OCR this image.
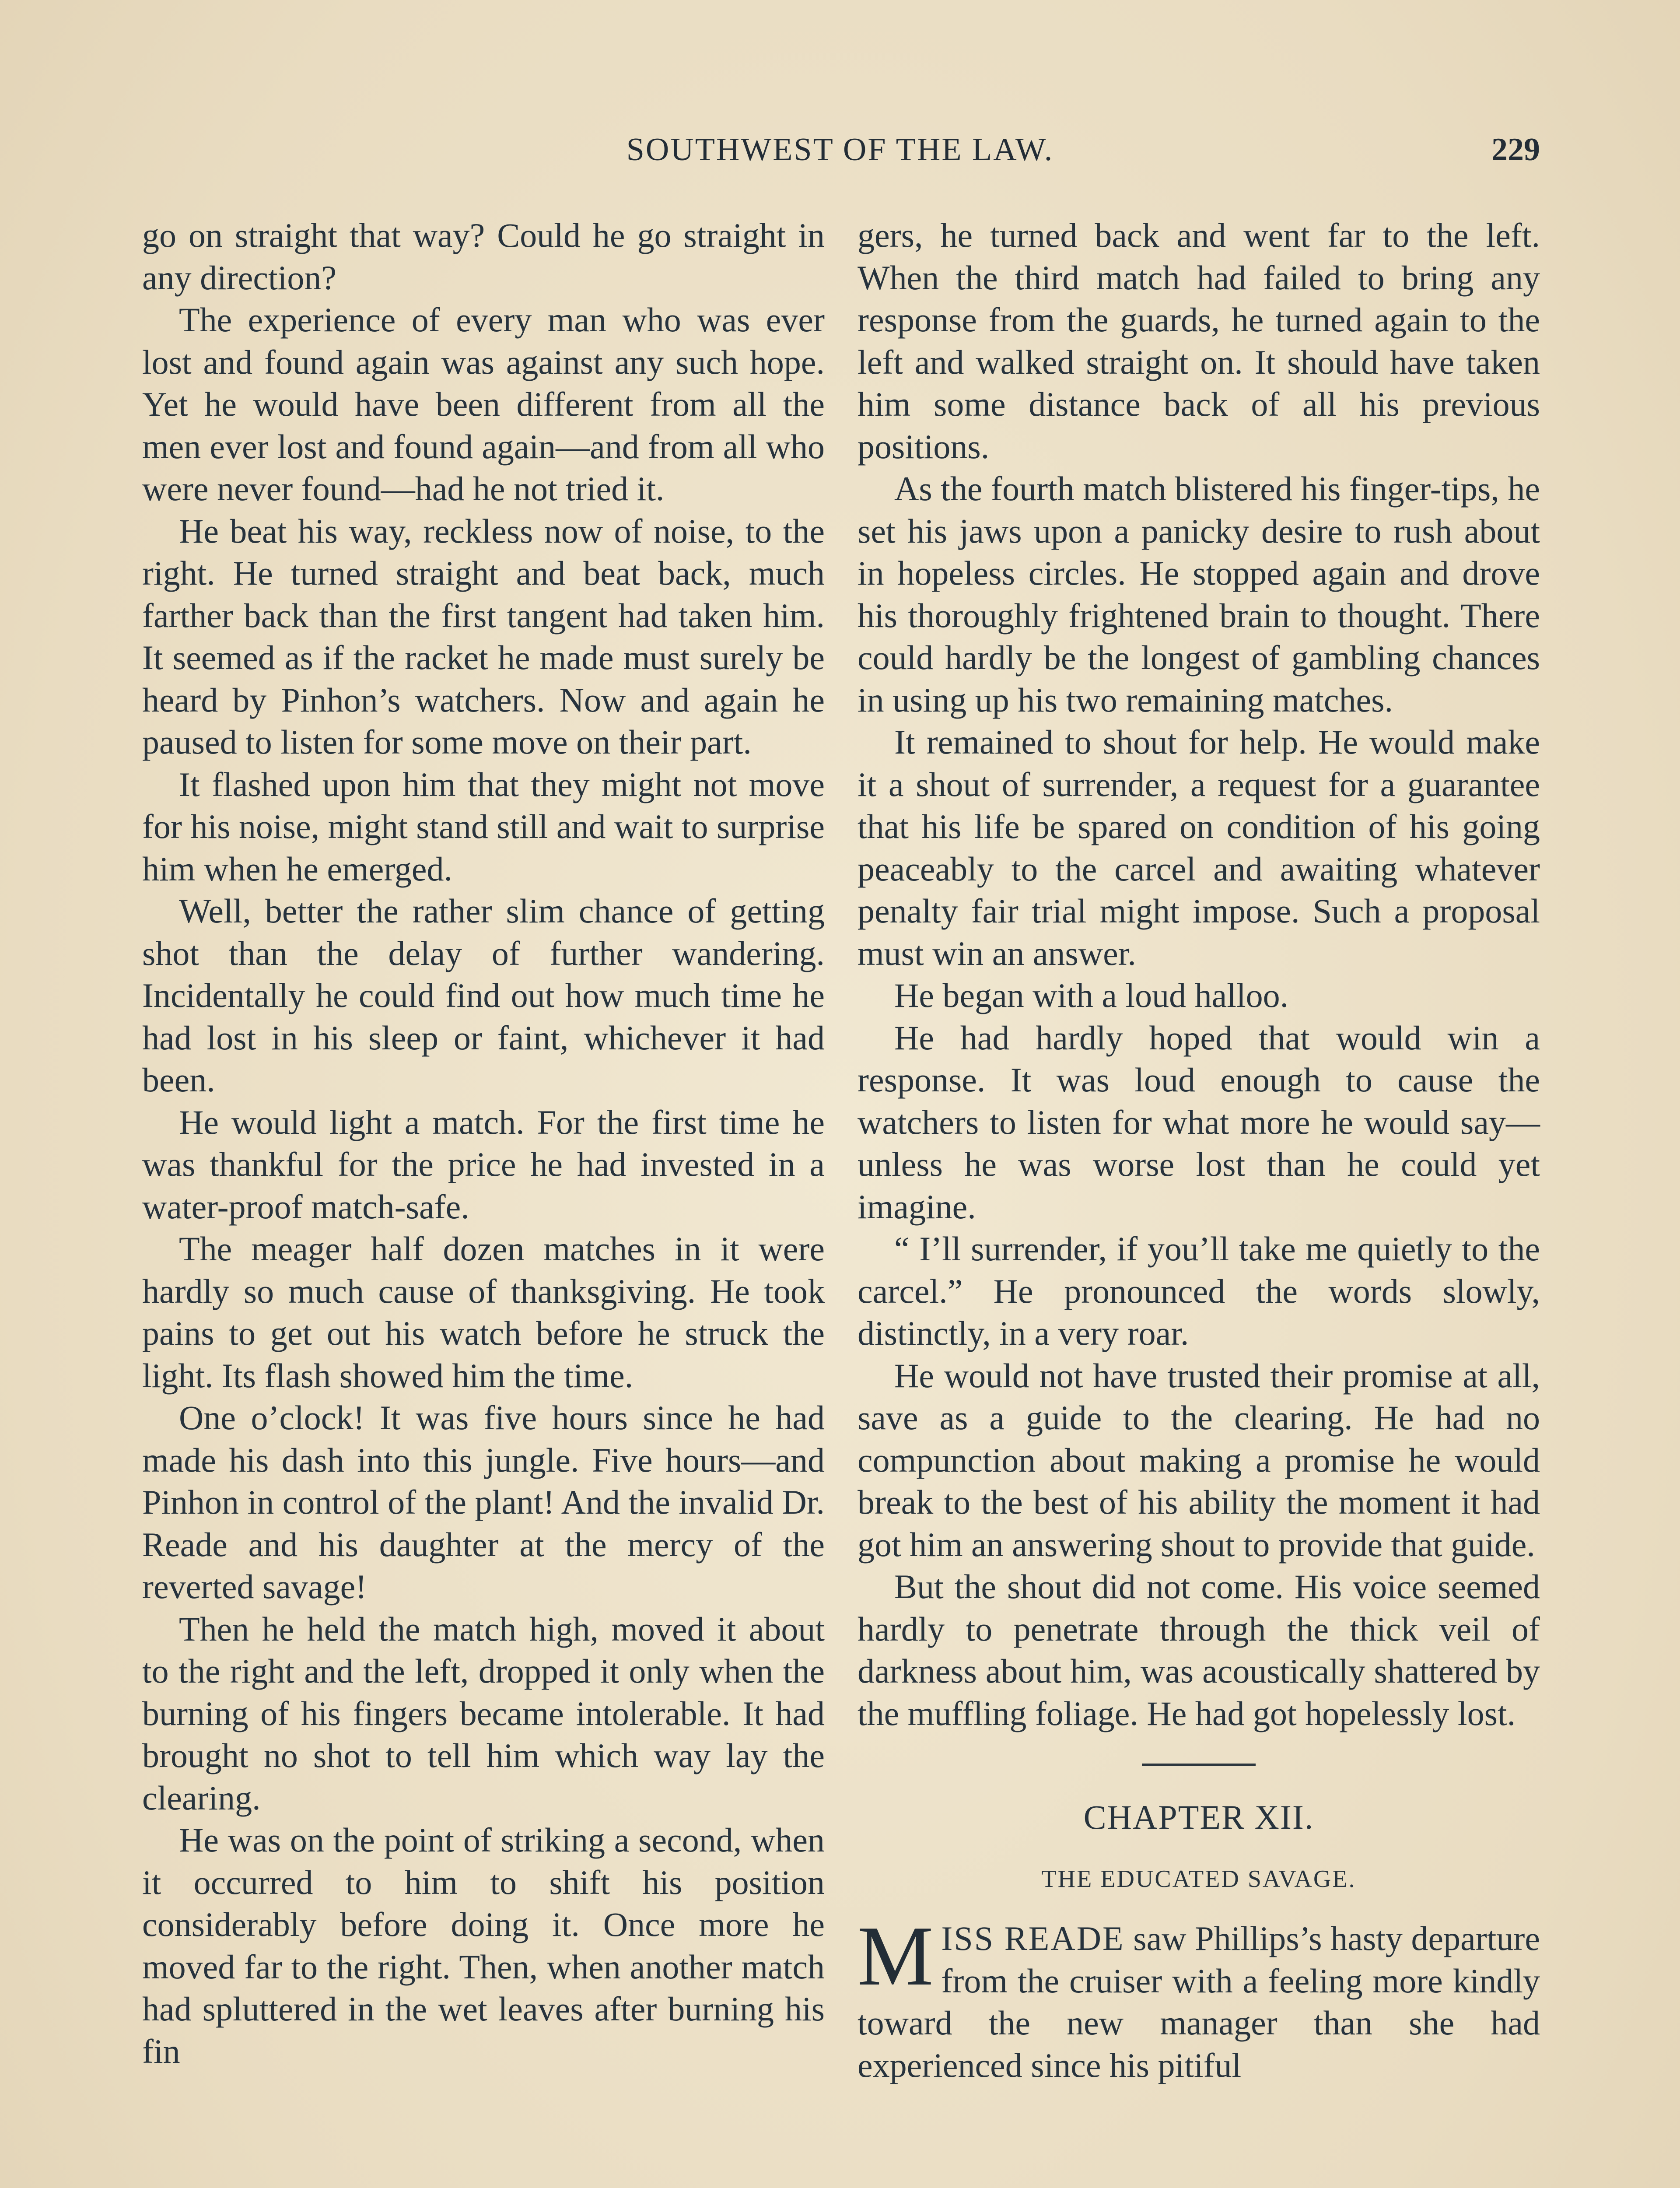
SOUTHWEST OF THE LAW.	229

go on straight that way? Could he go straight in any direction?

The experience of every man who was ever lost and found again was against any such hope. Yet he would have been different from all the men ever lost and found again—and from all who were never found—had he not tried it.

He beat his way, reckless now of noise, to the right. He turned straight and beat back, much farther back than the first tangent had taken him. It seemed as if the racket he made must surely be heard by Pinhon’s watchers. Now and again he paused to listen for some move on their part.

It flashed upon him that they might not move for his noise, might stand still and wait to surprise him when he emerged.

Well, better the rather slim chance of getting shot than the delay of further wandering. Incidentally he could find out how much time he had lost in his sleep or faint, whichever it had been.

He would light a match. For the first time he was thankful for the price he had invested in a water-proof match-safe.

The meager half dozen matches in it were hardly so much cause of thanksgiving. He took pains to get out his watch before he struck the light. Its flash showed him the time.

One o’clock! It was five hours since he had made his dash into this jungle. Five hours—and Pinhon in control of the plant! And the invalid Dr. Reade and his daughter at the mercy of the reverted savage!

Then he held the match high, moved it about to the right and the left, dropped it only when the burning of his fingers became intolerable. It had brought no shot to tell him which way lay the clearing.

He was on the point of striking a second, when it occurred to him to shift his position considerably before doing it. Once more he moved far to the right. Then, when another match had spluttered in the wet leaves after burning his fin

gers, he turned back and went far to the left. When the third match had failed to bring any response from the guards, he turned again to the left and walked straight on. It should have taken him some distance back of all his previous positions.

As the fourth match blistered his finger-tips, he set his jaws upon a panicky desire to rush about in hopeless circles. He stopped again and drove his thoroughly frightened brain to thought. There could hardly be the longest of gambling chances in using up his two remaining matches.

It remained to shout for help. He would make it a shout of surrender, a request for a guarantee that his life be spared on condition of his going peaceably to the carcel and awaiting whatever penalty fair trial might impose. Such a proposal must win an answer.

He began with a loud halloo.

He had hardly hoped that would win a response. It was loud enough to cause the watchers to listen for what more he would say—unless he was worse lost than he could yet imagine.

“ I’ll surrender, if you’ll take me quietly to the carcel.” He pronounced the words slowly, distinctly, in a very roar.

He would not have trusted their promise at all, save as a guide to the clearing. He had no compunction about making a promise he would break to the best of his ability the moment it had got him an answering shout to provide that guide.

But the shout did not come. His voice seemed hardly to penetrate through the thick veil of darkness about him, was acoustically shattered by the muffling foliage. He had got hopelessly lost.

CHAPTER XII.
THE EDUCATED SAVAGE.

MISS READE saw Phillips’s hasty departure from the cruiser with a feeling more kindly toward the new manager than she had experienced since his pitiful
